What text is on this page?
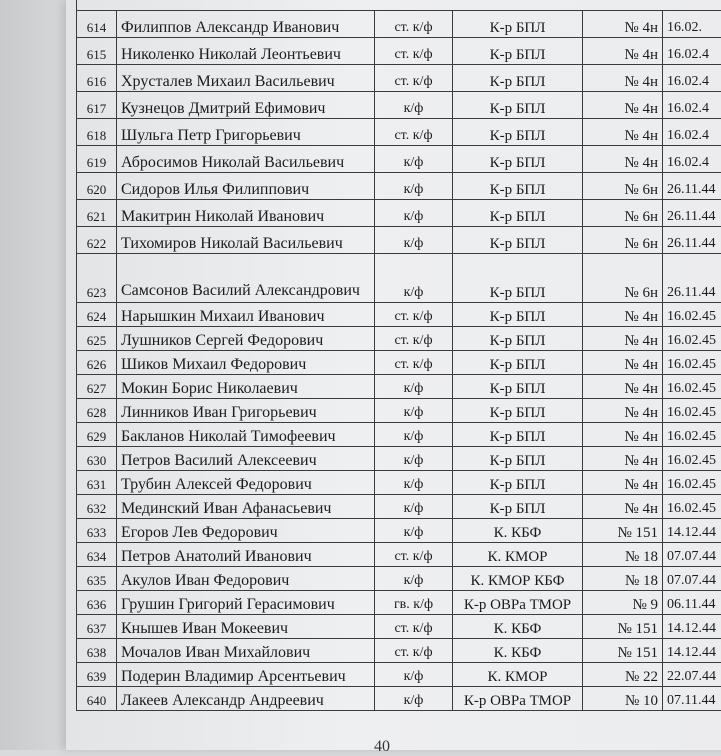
614	Филиппов Александр Иванович	ст. к/ф	К-р БПЛ	№ 4н	16.02.
615	Николенко Николай Леонтьевич	ст. к/ф	К-р БПЛ	№ 4н	16.02.4
616	Хрусталев Михаил Васильевич	ст. к/ф	К-р БПЛ	№ 4н	16.02.4
617	Кузнецов Дмитрий Ефимович	к/ф	К-р БПЛ	№ 4н	16.02.4
618	Шульга Петр Григорьевич	ст. к/ф	К-р БПЛ	№ 4н	16.02.4
619	Абросимов Николай Васильевич	к/ф	К-р БПЛ	№ 4н	16.02.4
620	Сидоров Илья Филиппович	к/ф	К-р БПЛ	№ 6н	26.11.44
621	Макитрин Николай Иванович	к/ф	К-р БПЛ	№ 6н	26.11.44
622	Тихомиров Николай Васильевич	к/ф	К-р БПЛ	№ 6н	26.11.44
623	Самсонов Василий Александрович	к/ф	К-р БПЛ	№ 6н	26.11.44
624	Нарышкин Михаил Иванович	ст. к/ф	К-р БПЛ	№ 4н	16.02.45
625	Лушников Сергей Федорович	ст. к/ф	К-р БПЛ	№ 4н	16.02.45
626	Шиков Михаил Федорович	ст. к/ф	К-р БПЛ	№ 4н	16.02.45
627	Мокин Борис Николаевич	к/ф	К-р БПЛ	№ 4н	16.02.45
628	Линников Иван Григорьевич	к/ф	К-р БПЛ	№ 4н	16.02.45
629	Бакланов Николай Тимофеевич	к/ф	К-р БПЛ	№ 4н	16.02.45
630	Петров Василий Алексеевич	к/ф	К-р БПЛ	№ 4н	16.02.45
631	Трубин Алексей Федорович	к/ф	К-р БПЛ	№ 4н	16.02.45
632	Мединский Иван Афанасьевич	к/ф	К-р БПЛ	№ 4н	16.02.45
633	Егоров Лев Федорович	к/ф	К. КБФ	№ 151	14.12.44
634	Петров Анатолий Иванович	ст. к/ф	К. КМОР	№ 18	07.07.44
635	Акулов Иван Федорович	к/ф	К. КМОР КБФ	№ 18	07.07.44
636	Грушин Григорий Герасимович	гв. к/ф	К-р ОВРа ТМОР	№ 9	06.11.44
637	Кнышев Иван Мокеевич	ст. к/ф	К. КБФ	№ 151	14.12.44
638	Мочалов Иван Михайлович	ст. к/ф	К. КБФ	№ 151	14.12.44
639	Подерин Владимир Арсентьевич	к/ф	К. КМОР	№ 22	22.07.44
640	Лакеев Александр Андреевич	к/ф	К-р ОВРа ТМОР	№ 10	07.11.44
40
